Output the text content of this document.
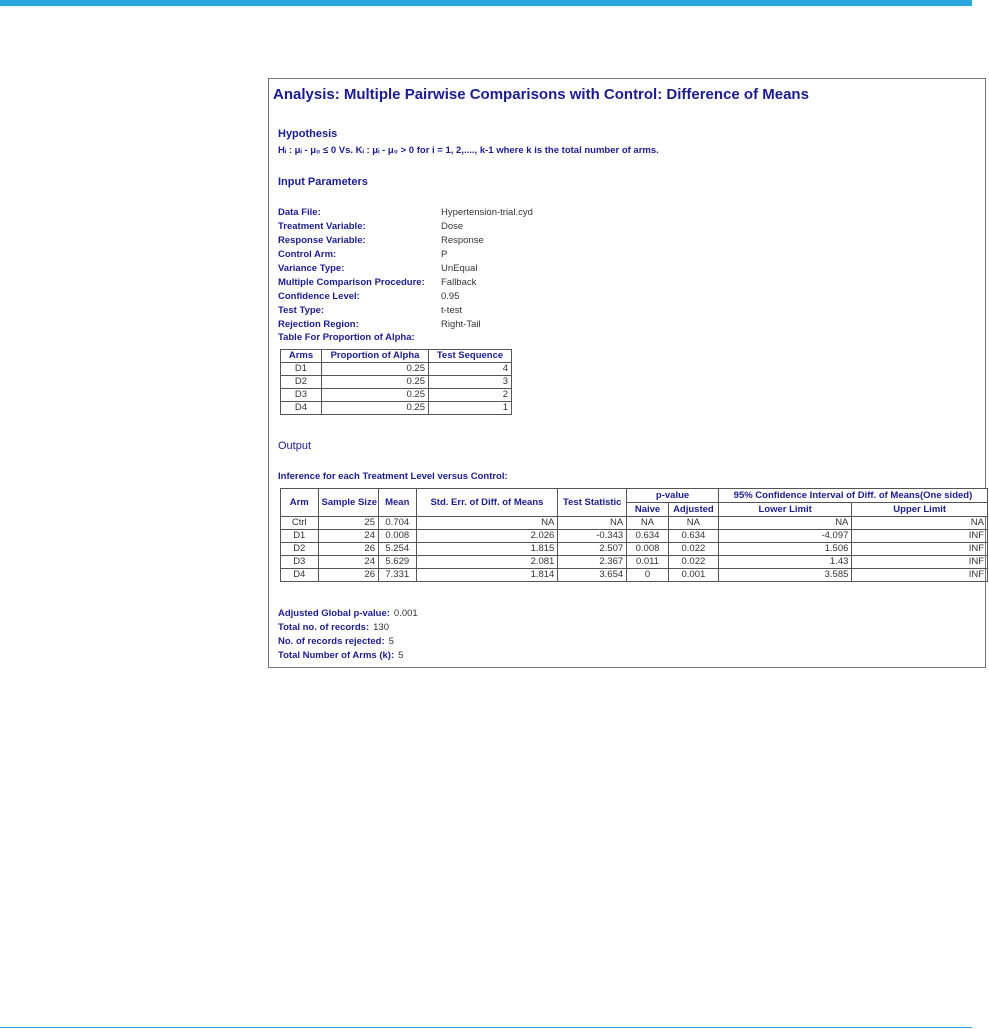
Analysis: Multiple Pairwise Comparisons with Control: Difference of Means
Hypothesis
Hᵢ : μᵢ - μ₀ ≤ 0 Vs. Kᵢ : μᵢ - μ₀ > 0 for i = 1, 2,...., k-1 where k is the total number of arms.
Input Parameters
Data File:	Hypertension-trial.cyd
Treatment Variable:	Dose
Response Variable:	Response
Control Arm:	P
Variance Type:	UnEqual
Multiple Comparison Procedure:	Fallback
Confidence Level:	0.95
Test Type:	t-test
Rejection Region:	Right-Tail
Table For Proportion of Alpha:
Arms	Proportion of Alpha	Test Sequence
D1	0.25	4
D2	0.25	3
D3	0.25	2
D4	0.25	1
Output
Inference for each Treatment Level versus Control:
Arm	Sample Size	Mean	Std. Err. of Diff. of Means	Test Statistic	p-value		95% Confidence Interval of Diff. of Means(One sided)	
					Naive	Adjusted	Lower Limit	Upper Limit
Ctrl	25	0.704	NA	NA	NA	NA	NA	NA
D1	24	0.008	2.026	-0.343	0.634	0.634	-4.097	INF
D2	26	5.254	1.815	2.507	0.008	0.022	1.506	INF
D3	24	5.629	2.081	2.367	0.011	0.022	1.43	INF
D4	26	7.331	1.814	3.654	0	0.001	3.585	INF
Adjusted Global p-value: 0.001
Total no. of records: 130
No. of records rejected: 5
Total Number of Arms (k): 5
